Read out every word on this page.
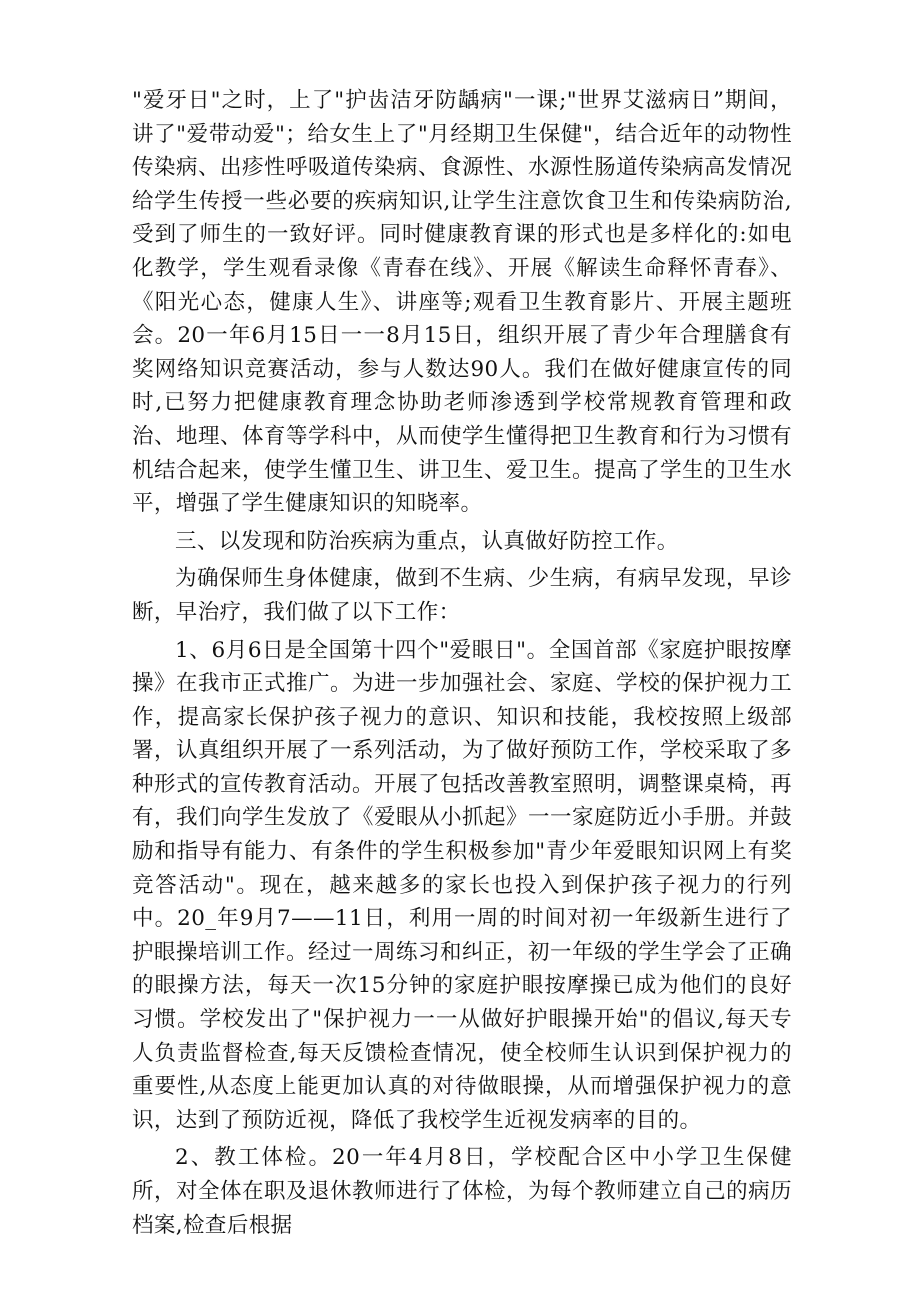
"爱牙日"之时，上了"护齿洁牙防龋病"一课;"世界艾滋病日”期间，讲了"爱带动爱"；给女生上了"月经期卫生保健"，结合近年的动物性传染病、出疹性呼吸道传染病、食源性、水源性肠道传染病高发情况给学生传授一些必要的疾病知识,让学生注意饮食卫生和传染病防治,受到了师生的一致好评。同时健康教育课的形式也是多样化的:如电化教学，学生观看录像《青春在线》、开展《解读生命释怀青春》、《阳光心态，健康人生》、讲座等;观看卫生教育影片、开展主题班会。20一年6月15日一一8月15日，组织开展了青少年合理膳食有奖网络知识竞赛活动，参与人数达90人。我们在做好健康宣传的同时,已努力把健康教育理念协助老师渗透到学校常规教育管理和政治、地理、体育等学科中，从而使学生懂得把卫生教育和行为习惯有机结合起来，使学生懂卫生、讲卫生、爱卫生。提高了学生的卫生水平，增强了学生健康知识的知晓率。

三、以发现和防治疾病为重点，认真做好防控工作。

为确保师生身体健康，做到不生病、少生病，有病早发现，早诊断，早治疗，我们做了以下工作：

1、6月6日是全国第十四个"爱眼日"。全国首部《家庭护眼按摩操》在我市正式推广。为进一步加强社会、家庭、学校的保护视力工作，提高家长保护孩子视力的意识、知识和技能，我校按照上级部署，认真组织开展了一系列活动，为了做好预防工作，学校采取了多种形式的宣传教育活动。开展了包括改善教室照明，调整课桌椅，再有，我们向学生发放了《爱眼从小抓起》一一家庭防近小手册。并鼓励和指导有能力、有条件的学生积极参加"青少年爱眼知识网上有奖竞答活动"。现在，越来越多的家长也投入到保护孩子视力的行列中。20_年9月7——11日，利用一周的时间对初一年级新生进行了护眼操培训工作。经过一周练习和纠正，初一年级的学生学会了正确的眼操方法，每天一次15分钟的家庭护眼按摩操已成为他们的良好习惯。学校发出了"保护视力一一从做好护眼操开始"的倡议,每天专人负责监督检查,每天反馈检查情况，使全校师生认识到保护视力的重要性,从态度上能更加认真的对待做眼操，从而增强保护视力的意识，达到了预防近视，降低了我校学生近视发病率的目的。

2、教工体检。20一年4月8日，学校配合区中小学卫生保健所，对全体在职及退休教师进行了体检，为每个教师建立自己的病历档案,检查后根据
